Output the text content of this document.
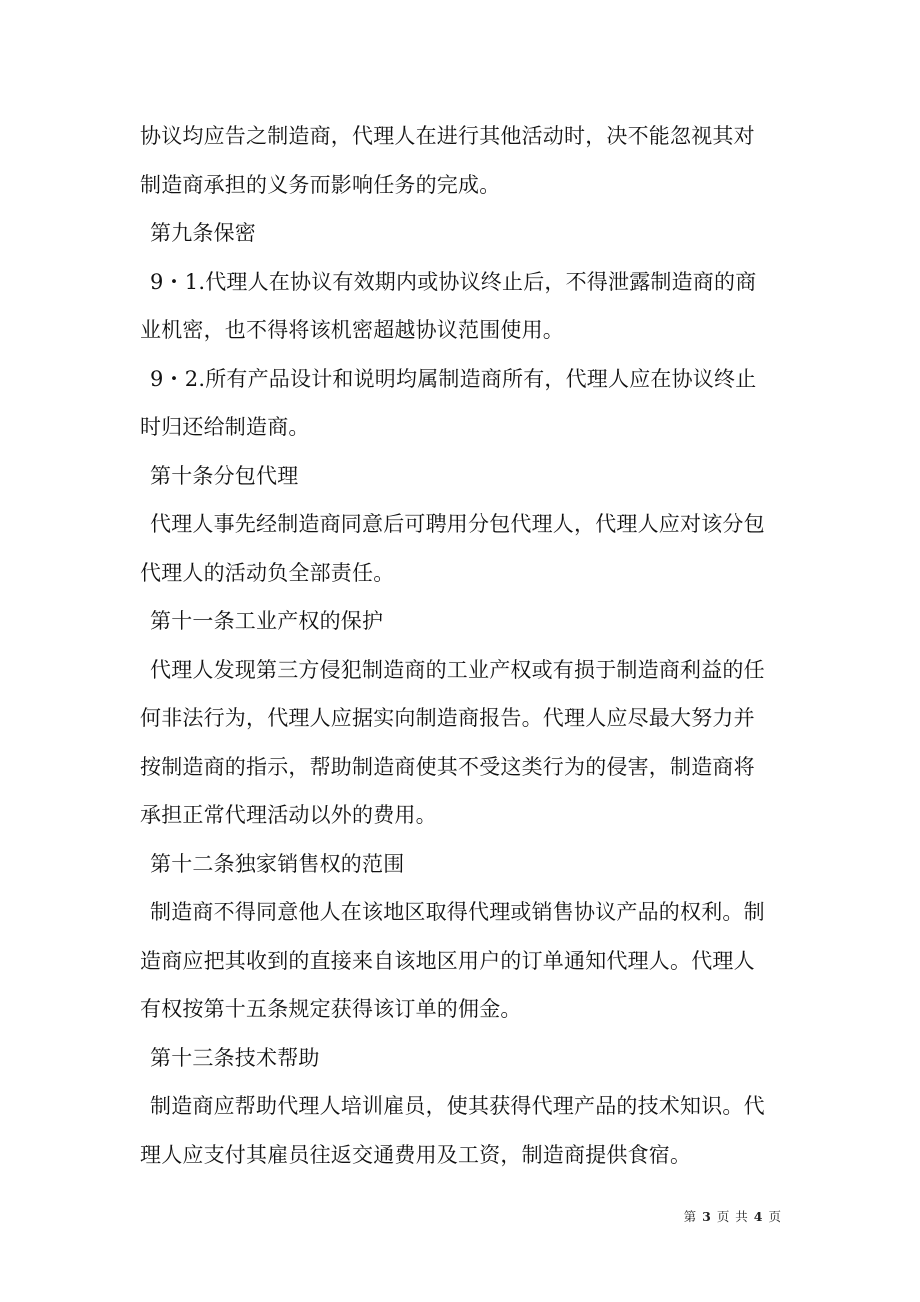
协议均应告之制造商，代理人在进行其他活动时，决不能忽视其对
制造商承担的义务而影响任务的完成。
第九条保密
9・1.代理人在协议有效期内或协议终止后，不得泄露制造商的商
业机密，也不得将该机密超越协议范围使用。
9・2.所有产品设计和说明均属制造商所有，代理人应在协议终止
时归还给制造商。
第十条分包代理
代理人事先经制造商同意后可聘用分包代理人，代理人应对该分包
代理人的活动负全部责任。
第十一条工业产权的保护
代理人发现第三方侵犯制造商的工业产权或有损于制造商利益的任
何非法行为，代理人应据实向制造商报告。代理人应尽最大努力并
按制造商的指示，帮助制造商使其不受这类行为的侵害，制造商将
承担正常代理活动以外的费用。
第十二条独家销售权的范围
制造商不得同意他人在该地区取得代理或销售协议产品的权利。制
造商应把其收到的直接来自该地区用户的订单通知代理人。代理人
有权按第十五条规定获得该订单的佣金。
第十三条技术帮助
制造商应帮助代理人培训雇员，使其获得代理产品的技术知识。代
理人应支付其雇员往返交通费用及工资，制造商提供食宿。
第 3 页 共 4 页
